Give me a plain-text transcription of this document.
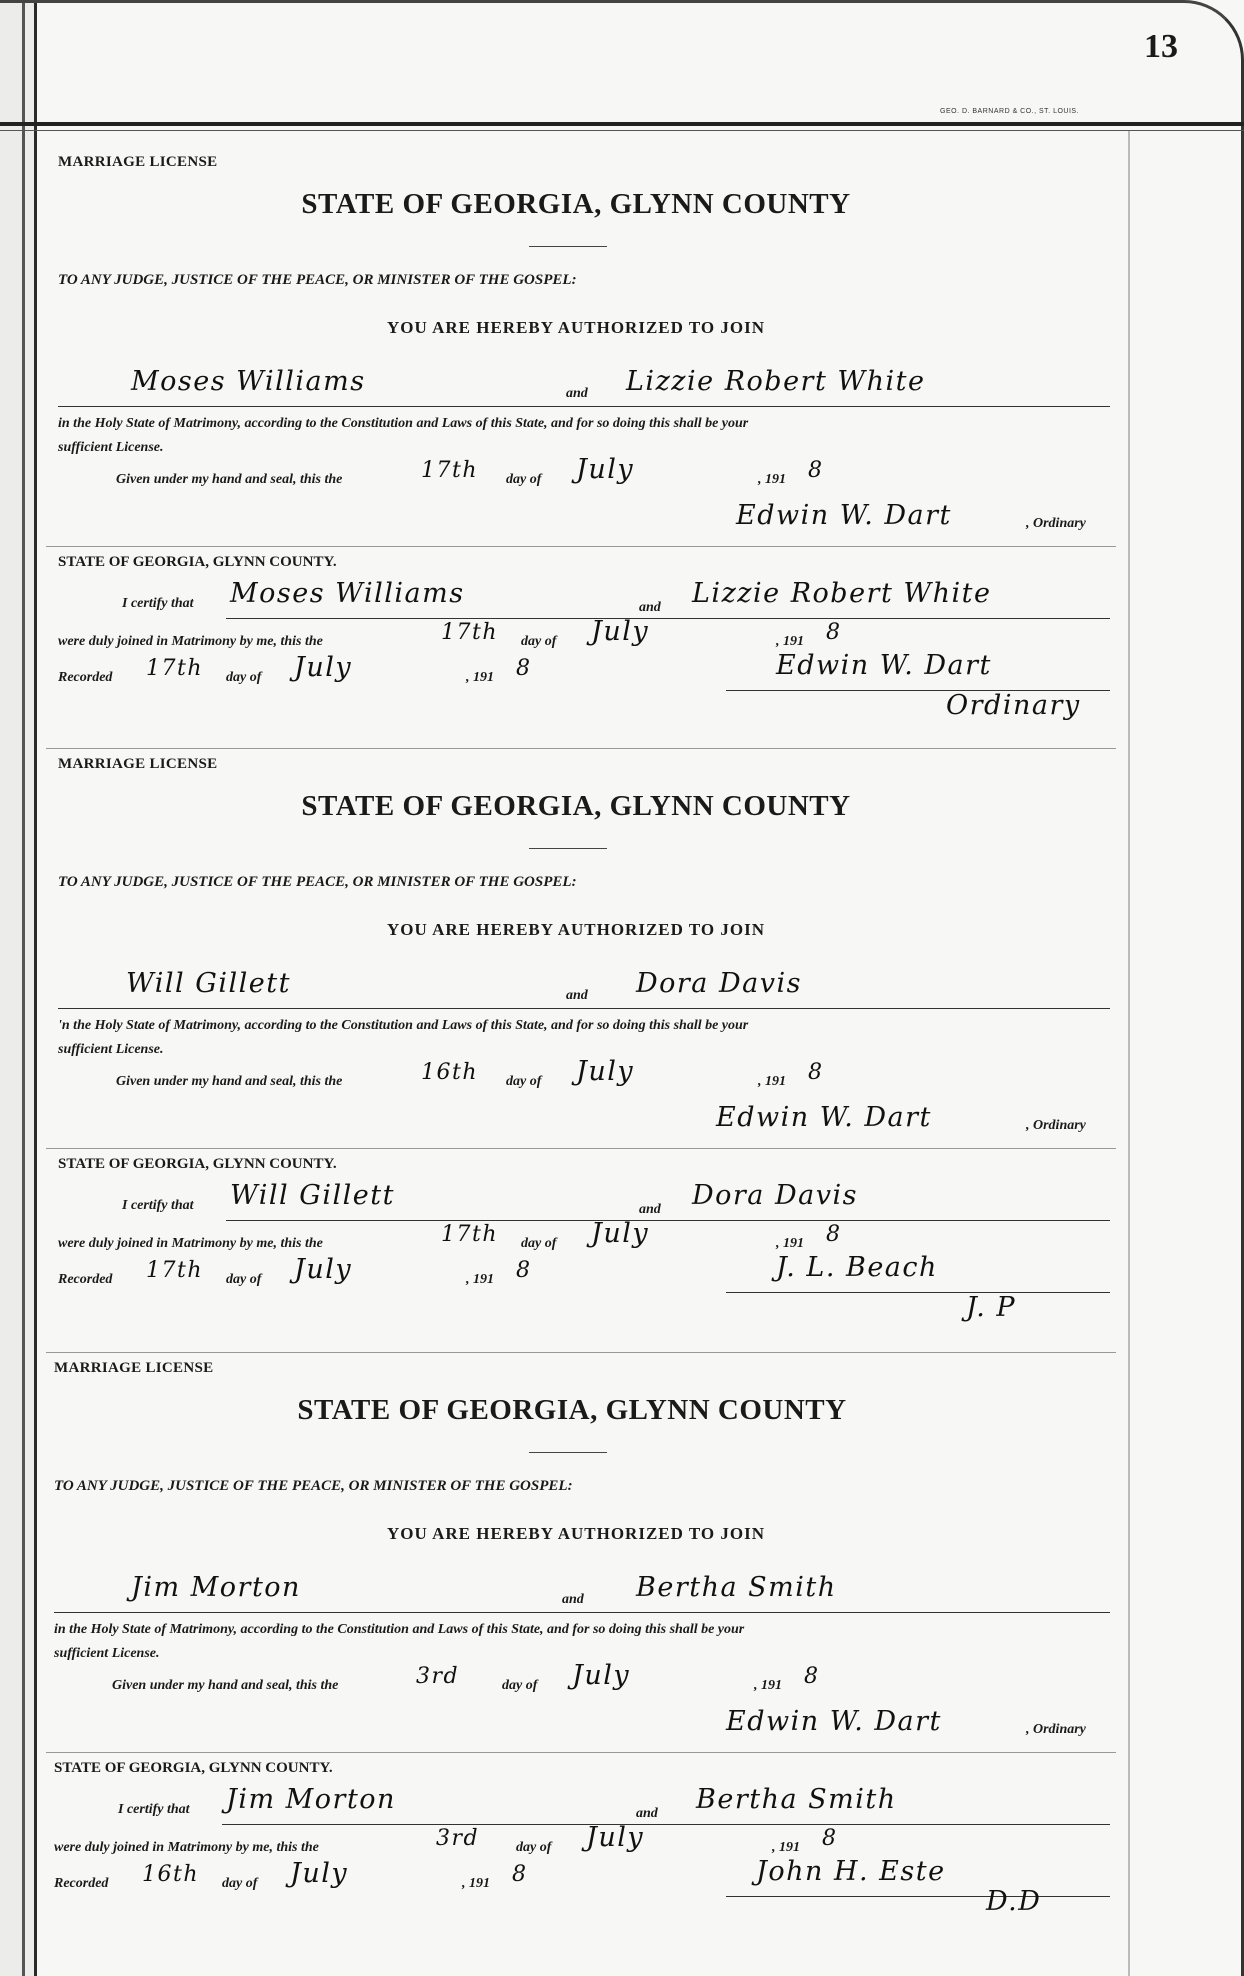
13
GEO. D. BARNARD & CO., ST. LOUIS.
MARRIAGE LICENSE
STATE OF GEORGIA, GLYNN COUNTY
TO ANY JUDGE, JUSTICE OF THE PEACE, OR MINISTER OF THE GOSPEL:
YOU ARE HEREBY AUTHORIZED TO JOIN
Moses Williams	and Lizzie Robert White
in the Holy State of Matrimony, according to the Constitution and Laws of this State, and for so doing this shall be your
sufficient License.
Given under my hand and seal, this the	17th day of July	, 191 8
Edwin W. Dart	, Ordinary
STATE OF GEORGIA, GLYNN COUNTY.
I certify that Moses Williams	and Lizzie Robert White
were duly joined in Matrimony by me, this the	17th day of July	, 191 8
Recorded 17th day of July	, 191 8	Edwin W. Dart
Ordinary
MARRIAGE LICENSE
STATE OF GEORGIA, GLYNN COUNTY
TO ANY JUDGE, JUSTICE OF THE PEACE, OR MINISTER OF THE GOSPEL:
YOU ARE HEREBY AUTHORIZED TO JOIN
Will Gillett	and Dora Davis
'n the Holy State of Matrimony, according to the Constitution and Laws of this State, and for so doing this shall be your
sufficient License.
Given under my hand and seal, this the	16th day of July	, 191 8
Edwin W. Dart	, Ordinary
STATE OF GEORGIA, GLYNN COUNTY.
I certify that Will Gillett	and Dora Davis
were duly joined in Matrimony by me, this the	17th day of July	, 191 8
Recorded 17th day of July	, 191 8	J. L. Beach
J. P
MARRIAGE LICENSE
STATE OF GEORGIA, GLYNN COUNTY
TO ANY JUDGE, JUSTICE OF THE PEACE, OR MINISTER OF THE GOSPEL:
YOU ARE HEREBY AUTHORIZED TO JOIN
Jim Morton	and Bertha Smith
in the Holy State of Matrimony, according to the Constitution and Laws of this State, and for so doing this shall be your
sufficient License.
Given under my hand and seal, this the	3rd	day of July	, 191 8
Edwin W. Dart	, Ordinary
STATE OF GEORGIA, GLYNN COUNTY.
I certify that Jim Morton	and Bertha Smith
were duly joined in Matrimony by me, this the	3rd	day of July	, 191 8
Recorded 16th day of July	, 191 8	John H. Este
D.D
